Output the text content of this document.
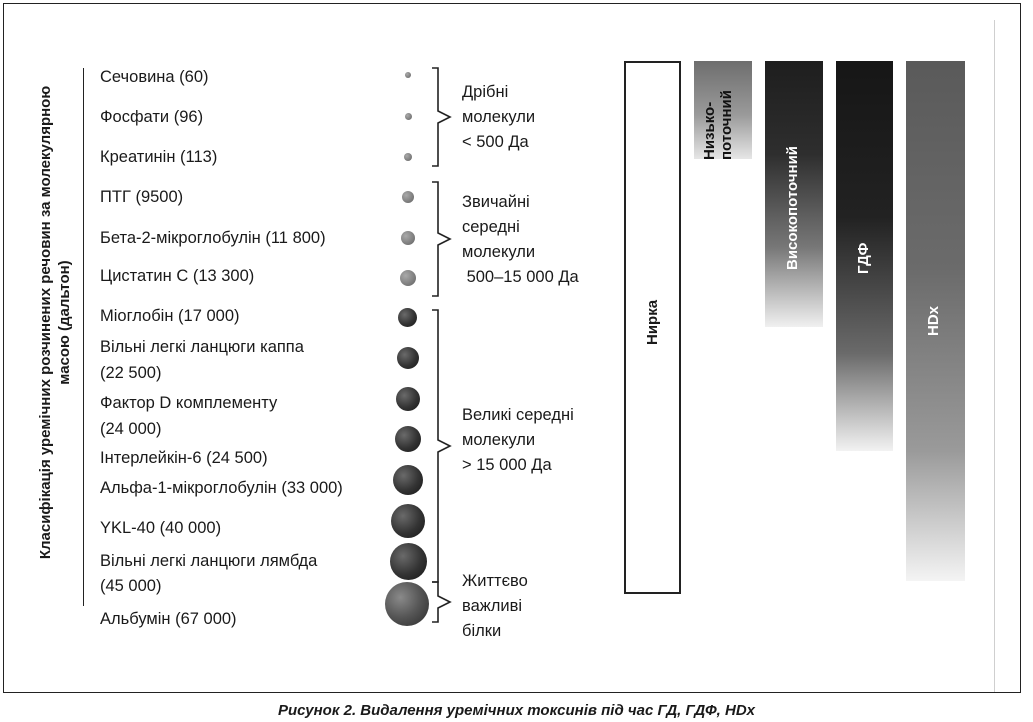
Класифікація уремічних розчинених речовин за молекулярною масою (дальтон)
Сечовина (60)
Фосфати (96)
Креатинін (113)
ПТГ (9500)
Бета-2-мікроглобулін (11 800)
Цистатин С (13 300)
Міоглобін (17 000)
Вільні легкі ланцюги каппа
(22 500)
Фактор D комплементу
(24 000)
Інтерлейкін-6 (24 500)
Альфа-1-мікроглобулін (33 000)
YKL-40 (40 000)
Вільні легкі ланцюги лямбда
(45 000)
Альбумін (67 000)
Дрібні
молекули
< 500 Да
Звичайні
середні
молекули
500–15 000 Да
Великі середні
молекули
> 15 000 Да
Життєво
важливі
білки
Нирка
Низько- поточний
Високопоточний	ГДФ
HDx
Рисунок 2. Видалення уремічних токсинів під час ГД, ГДФ, HDx
